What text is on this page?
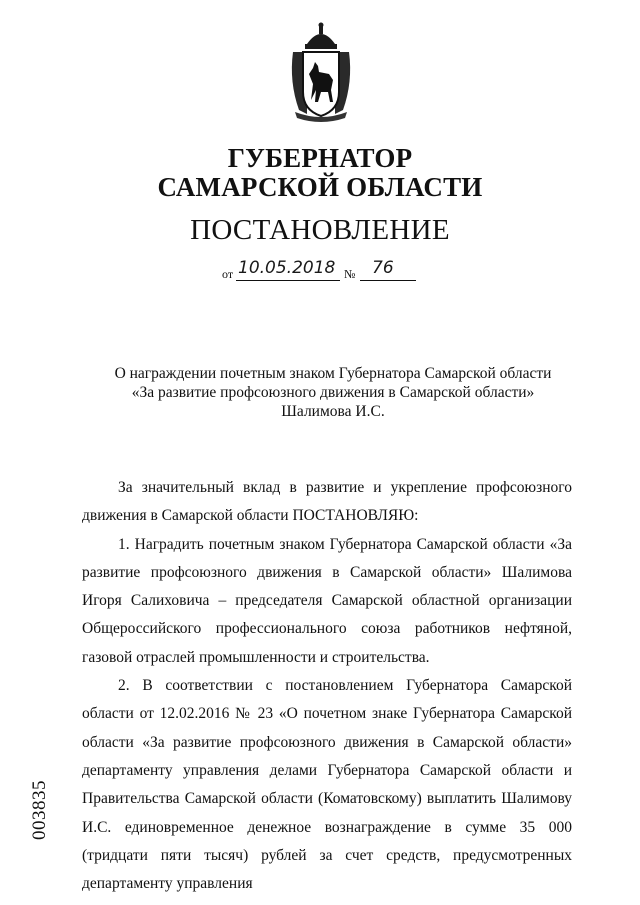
ГУБЕРНАТОР
САМАРСКОЙ ОБЛАСТИ
ПОСТАНОВЛЕНИЕ
от 10.05.2018 № 76
О награждении почетным знаком Губернатора Самарской области
«За развитие профсоюзного движения в Самарской области»
Шалимова И.С.

За значительный вклад в развитие и укрепление профсоюзного движения в Самарской области ПОСТАНОВЛЯЮ:

1. Наградить почетным знаком Губернатора Самарской области «За развитие профсоюзного движения в Самарской области» Шалимова Игоря Салиховича – председателя Самарской областной организации Общероссийского профессионального союза работников нефтяной, газовой отраслей промышленности и строительства.

2. В соответствии с постановлением Губернатора Самарской области от 12.02.2016 № 23 «О почетном знаке Губернатора Самарской области «За развитие профсоюзного движения в Самарской области» департаменту управления делами Губернатора Самарской области и Правительства Самарской области (Коматовскому) выплатить Шалимову И.С. единовременное денежное вознаграждение в сумме 35 000 (тридцати пяти тысяч) рублей за счет средств, предусмотренных департаменту управления

003835
